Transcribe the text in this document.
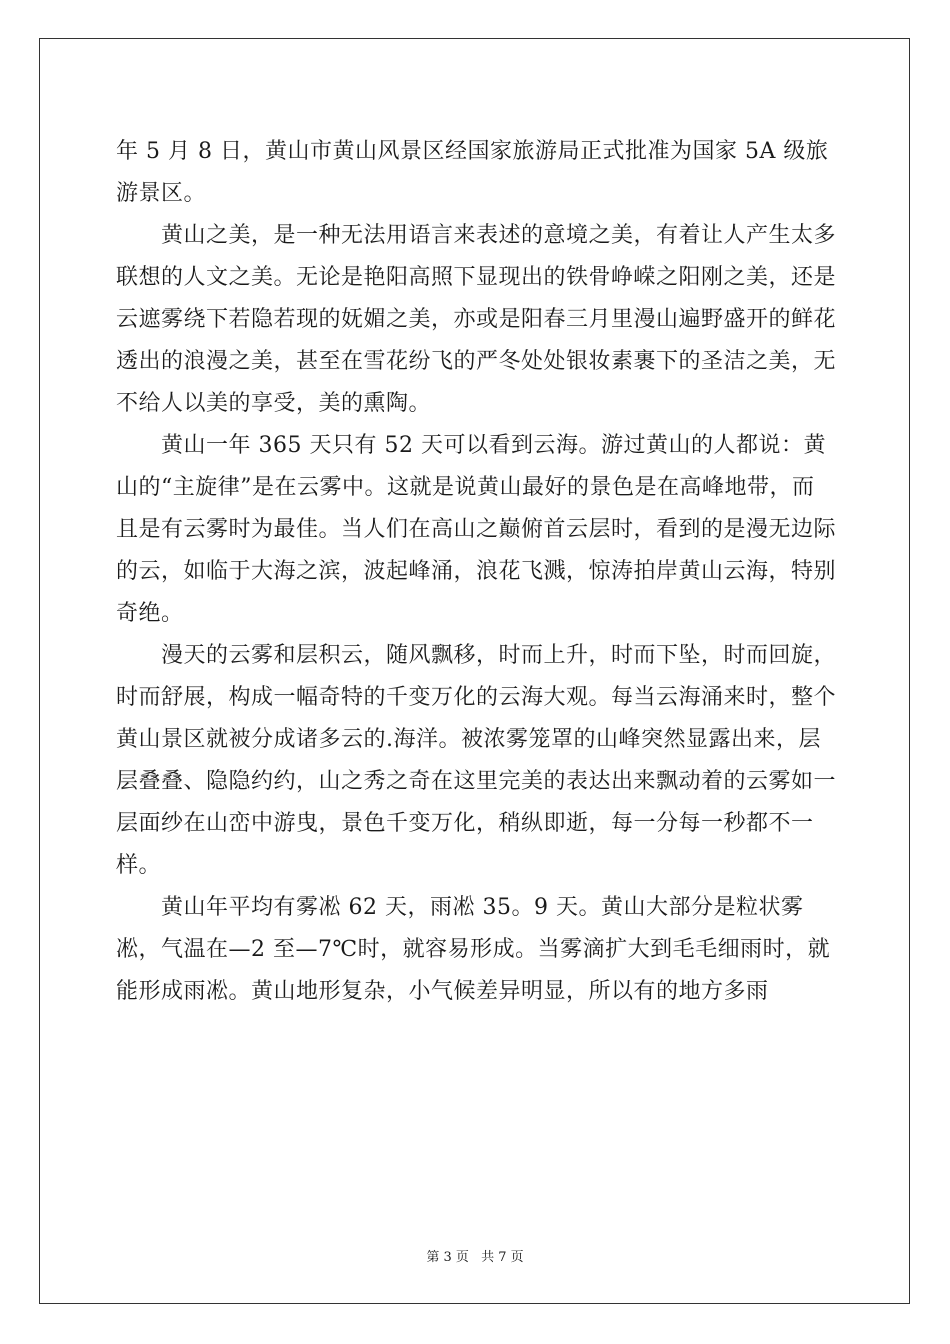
年 5 月 8 日，黄山市黄山风景区经国家旅游局正式批准为国家 5A 级旅游景区。

　　黄山之美，是一种无法用语言来表述的意境之美，有着让人产生太多联想的人文之美。无论是艳阳高照下显现出的铁骨峥嵘之阳刚之美，还是云遮雾绕下若隐若现的妩媚之美，亦或是阳春三月里漫山遍野盛开的鲜花透出的浪漫之美，甚至在雪花纷飞的严冬处处银妆素裹下的圣洁之美，无不给人以美的享受，美的熏陶。

　　黄山一年 365 天只有 52 天可以看到云海。游过黄山的人都说：黄山的“主旋律”是在云雾中。这就是说黄山最好的景色是在高峰地带，而且是有云雾时为最佳。当人们在高山之巅俯首云层时，看到的是漫无边际的云，如临于大海之滨，波起峰涌，浪花飞溅，惊涛拍岸黄山云海，特别奇绝。

　　漫天的云雾和层积云，随风飘移，时而上升，时而下坠，时而回旋，时而舒展，构成一幅奇特的千变万化的云海大观。每当云海涌来时，整个黄山景区就被分成诸多云的.海洋。被浓雾笼罩的山峰突然显露出来，层层叠叠、隐隐约约，山之秀之奇在这里完美的表达出来飘动着的云雾如一层面纱在山峦中游曳，景色千变万化，稍纵即逝，每一分每一秒都不一样。

　　黄山年平均有雾凇 62 天，雨凇 35。9 天。黄山大部分是粒状雾凇，气温在—2 至—7℃时，就容易形成。当雾滴扩大到毛毛细雨时，就能形成雨凇。黄山地形复杂，小气候差异明显，所以有的地方多雨

第 3 页 共 7 页
